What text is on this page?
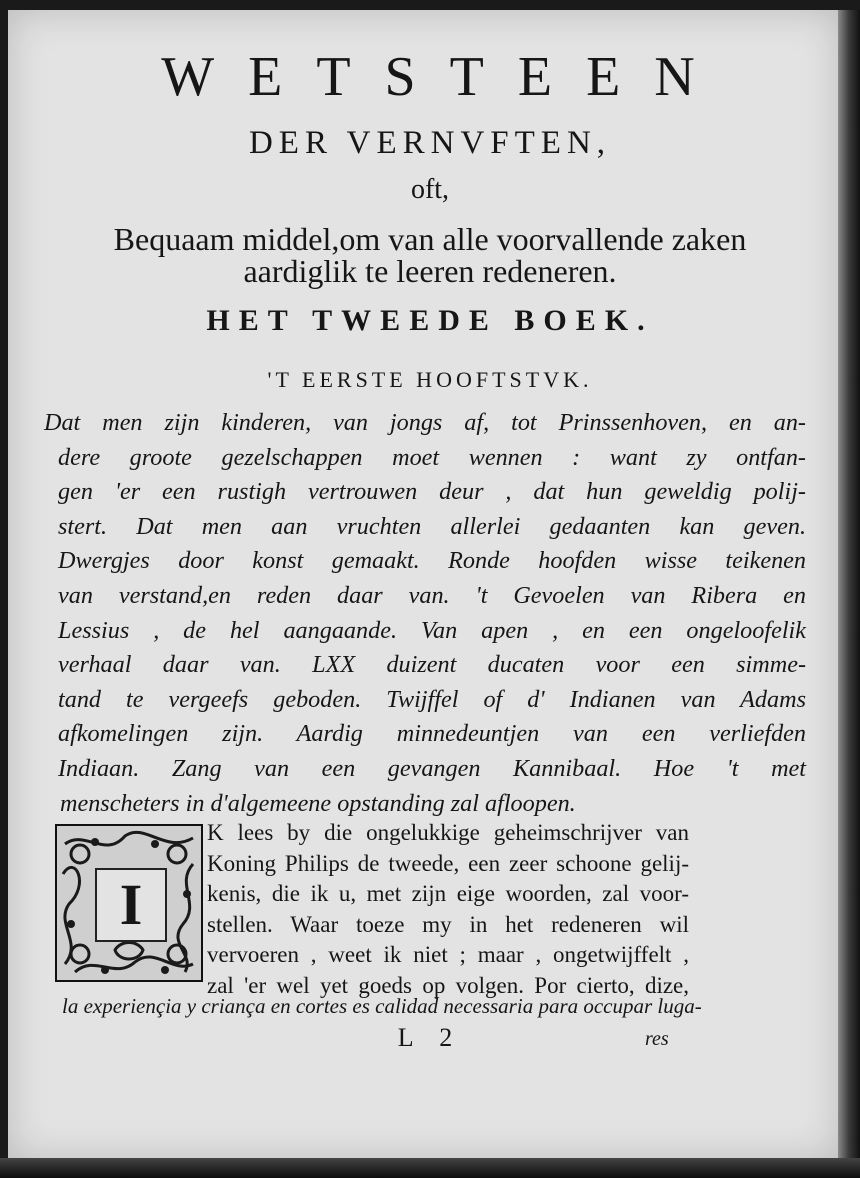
WETSTEEN
DER VERNVFTEN,
oft,
Bequaam middel,om van alle voorvallende zaken
aardiglik te leeren redeneren.
HET TWEEDE BOEK.
'T EERSTE HOOFTSTVK.
Dat men zijn kinderen, van jongs af, tot Prinssenhoven, en an-
dere groote gezelschappen moet wennen : want zy ontfan-
gen 'er een rustigh vertrouwen deur , dat hun geweldig polij-
stert. Dat men aan vruchten allerlei gedaanten kan geven.
Dwergjes door konst gemaakt. Ronde hoofden wisse teikenen
van verstand,en reden daar van. 't Gevoelen van Ribera en
Lessius , de hel aangaande. Van apen , en een ongeloofelik
verhaal daar van. LXX duizent ducaten voor een simme-
tand te vergeefs geboden. Twijffel of d' Indianen van Adams
afkomelingen zijn. Aardig minnedeuntjen van een verliefden
Indiaan. Zang van een gevangen Kannibaal. Hoe 't met
menscheters in d'algemeene opstanding zal afloopen.
I
K lees by die ongelukkige geheimschrijver van
Koning Philips de tweede, een zeer schoone gelij-
kenis, die ik u, met zijn eige woorden, zal voor-
stellen. Waar toeze my in het redeneren wil
vervoeren , weet ik niet ; maar , ongetwijffelt ,
zal 'er wel yet goeds op volgen. Por cierto, dize,
la experiençia y criança en cortes es calidad necessaria para occupar luga-
L 2	res
